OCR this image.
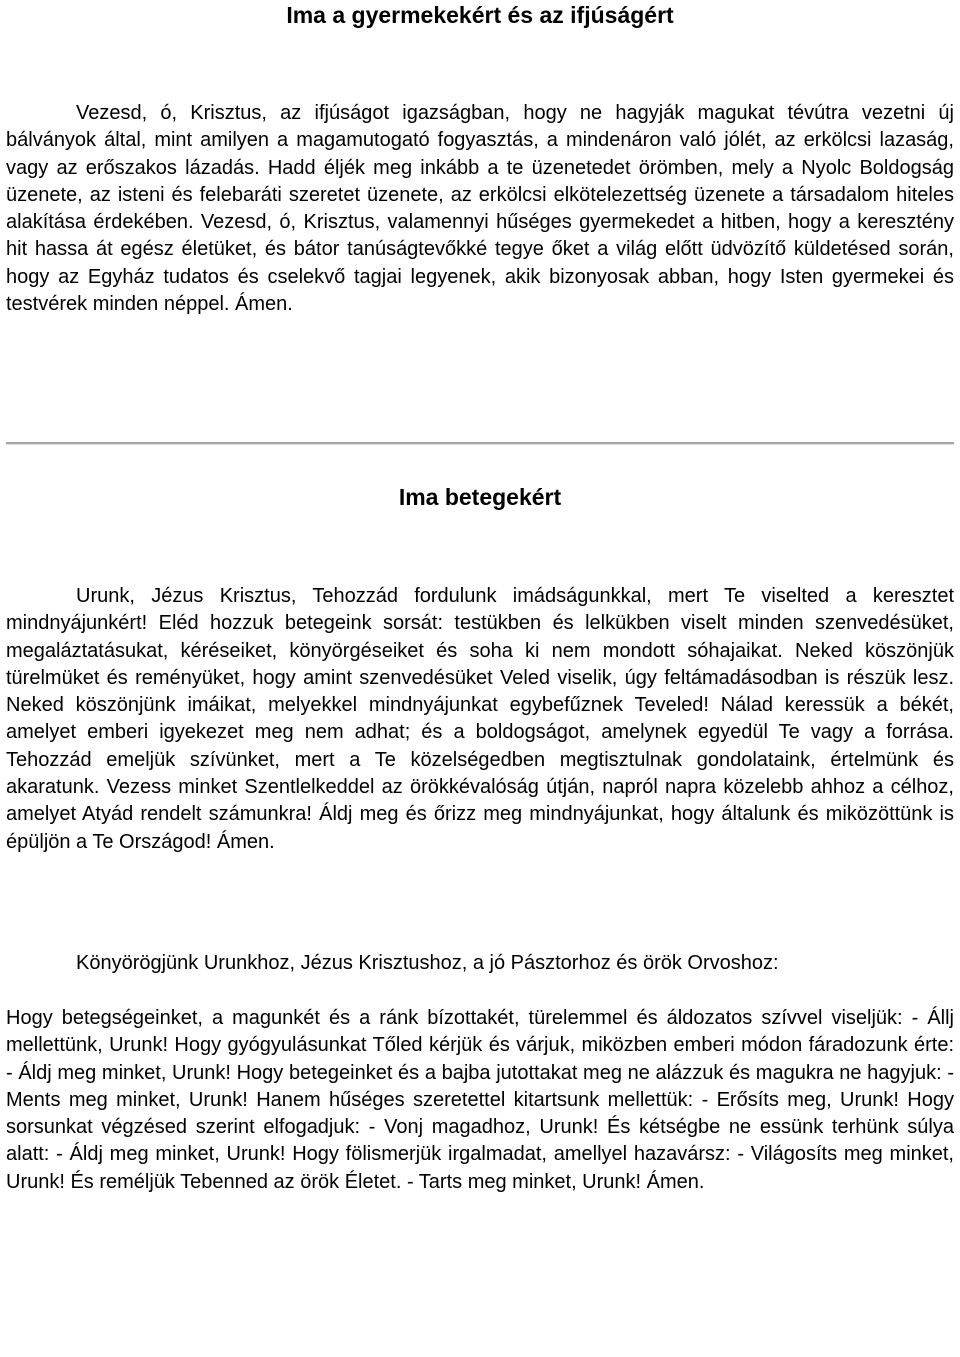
Ima a gyermekekért és az ifjúságért

Vezesd, ó, Krisztus, az ifjúságot igazságban, hogy ne hagyják magukat tévútra vezetni új bálványok által, mint amilyen a magamutogató fogyasztás, a mindenáron való jólét, az erkölcsi lazaság, vagy az erőszakos lázadás. Hadd éljék meg inkább a te üzenetedet örömben, mely a Nyolc Boldogság üzenete, az isteni és felebaráti szeretet üzenete, az erkölcsi elkötelezettség üzenete a társadalom hiteles alakítása érdekében. Vezesd, ó, Krisztus, valamennyi hűséges gyermekedet a hitben, hogy a keresztény hit hassa át egész életüket, és bátor tanúságtevőkké tegye őket a világ előtt üdvözítő küldetésed során, hogy az Egyház tudatos és cselekvő tagjai legyenek, akik bizonyosak abban, hogy Isten gyermekei és testvérek minden néppel. Ámen.

Ima betegekért

Urunk, Jézus Krisztus, Tehozzád fordulunk imádságunkkal, mert Te viselted a keresztet mindnyájunkért! Eléd hozzuk betegeink sorsát: testükben és lelkükben viselt minden szenvedésüket, megaláztatásukat, kéréseiket, könyörgéseiket és soha ki nem mondott sóhajaikat. Neked köszönjük türelmüket és reményüket, hogy amint szenvedésüket Veled viselik, úgy feltámadásodban is részük lesz. Neked köszönjünk imáikat, melyekkel mindnyájunkat egybefűznek Teveled! Nálad keressük a békét, amelyet emberi igyekezet meg nem adhat; és a boldogságot, amelynek egyedül Te vagy a forrása. Tehozzád emeljük szívünket, mert a Te közelségedben megtisztulnak gondolataink, értelmünk és akaratunk. Vezess minket Szentlelkeddel az örökkévalóság útján, napról napra közelebb ahhoz a célhoz, amelyet Atyád rendelt számunkra! Áldj meg és őrizz meg mindnyájunkat, hogy általunk és miközöttünk is épüljön a Te Országod! Ámen.

Könyörögjünk Urunkhoz, Jézus Krisztushoz, a jó Pásztorhoz és örök Orvoshoz:

Hogy betegségeinket, a magunkét és a ránk bízottakét, türelemmel és áldozatos szívvel viseljük: - Állj mellettünk, Urunk! Hogy gyógyulásunkat Tőled kérjük és várjuk, miközben emberi módon fáradozunk érte: - Áldj meg minket, Urunk! Hogy betegeinket és a bajba jutottakat meg ne alázzuk és magukra ne hagyjuk: - Ments meg minket, Urunk! Hanem hűséges szeretettel kitartsunk mellettük: - Erősíts meg, Urunk! Hogy sorsunkat végzésed szerint elfogadjuk: - Vonj magadhoz, Urunk! És kétségbe ne essünk terhünk súlya alatt: - Áldj meg minket, Urunk! Hogy fölismerjük irgalmadat, amellyel hazavársz: - Világosíts meg minket, Urunk! És reméljük Tebenned az örök Életet. - Tarts meg minket, Urunk! Ámen.
